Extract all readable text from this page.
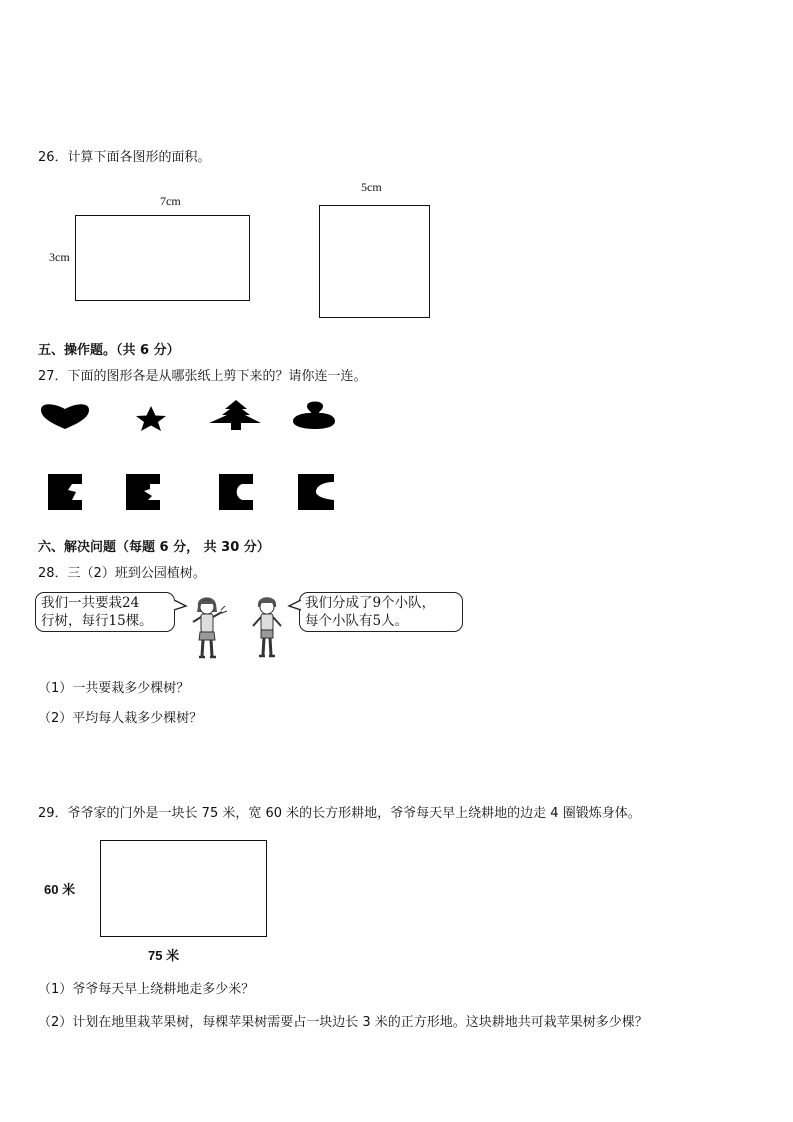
26．计算下面各图形的面积。
7cm
3cm
5cm
五、操作题。（共 6 分）
27．下面的图形各是从哪张纸上剪下来的？请你连一连。
六、解决问题（每题 6 分， 共 30 分）
28．三（2）班到公园植树。
我们一共要栽24
行树，每行15棵。
我们分成了9个小队，
每个小队有5人。
（1）一共要栽多少棵树？
（2）平均每人栽多少棵树？
29．爷爷家的门外是一块长 75 米，宽 60 米的长方形耕地，爷爷每天早上绕耕地的边走 4 圈锻炼身体。
60 米
75 米
（1）爷爷每天早上绕耕地走多少米？
（2）计划在地里栽苹果树，每棵苹果树需要占一块边长 3 米的正方形地。这块耕地共可栽苹果树多少棵？
